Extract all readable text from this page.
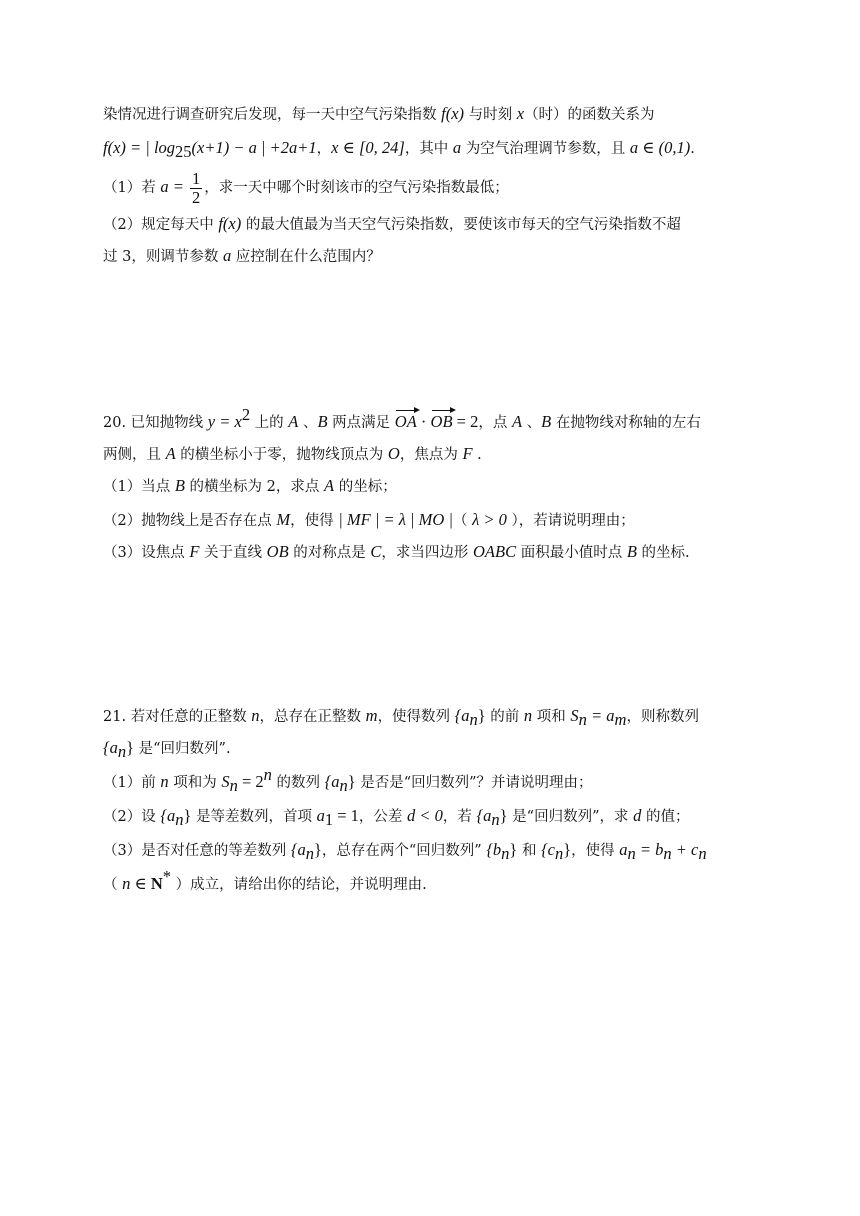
染情况进行调查研究后发现，每一天中空气污染指数 f(x) 与时刻 x（时）的函数关系为
f(x) = | $\log_{25}(x+1) - a$ | +2a+1，x ∈ [0, 24]，其中 a 为空气治理调节参数，且 a ∈ (0,1).
（1）若 $a = \frac{1}{2}$ ，求一天中哪个时刻该市的空气污染指数最低；
（2）规定每天中 f(x) 的最大值最为当天空气污染指数，要使该市每天的空气污染指数不超
过 3，则调节参数 a 应控制在什么范围内？
20. 已知抛物线 $y = x^2$ 上的 A 、B 两点满足 OA · OB = 2，点 A 、B 在抛物线对称轴的左右
两侧，且 A 的横坐标小于零，抛物线顶点为 O，焦点为 F .
（1）当点 B 的横坐标为 2，求点 A 的坐标；
（2）抛物线上是否存在点 M，使得 | MF | = λ | MO |（ λ > 0 ），若请说明理由；
（3）设焦点 F 关于直线 OB 的对称点是 C，求当四边形 OABC 面积最小值时点 B 的坐标.
21. 若对任意的正整数 n，总存在正整数 m，使得数列 $\{a_n\}$ 的前 n 项和 $S_n = a_m$，则称数列
$\{a_n\}$ 是“回归数列”.
（1）前 n 项和为 $S_n = 2^n$ 的数列 $\{a_n\}$ 是否是“回归数列”？并请说明理由；
（2）设 $\{a_n\}$ 是等差数列，首项 $a_1 = 1$，公差 d < 0，若 $\{a_n\}$ 是“回归数列”，求 d 的值；
（3）是否对任意的等差数列 $\{a_n\}$，总存在两个“回归数列” $\{b_n\}$ 和 $\{c_n\}$，使得 $a_n = b_n + c_n$
（ n ∈ N* ）成立，请给出你的结论，并说明理由.
